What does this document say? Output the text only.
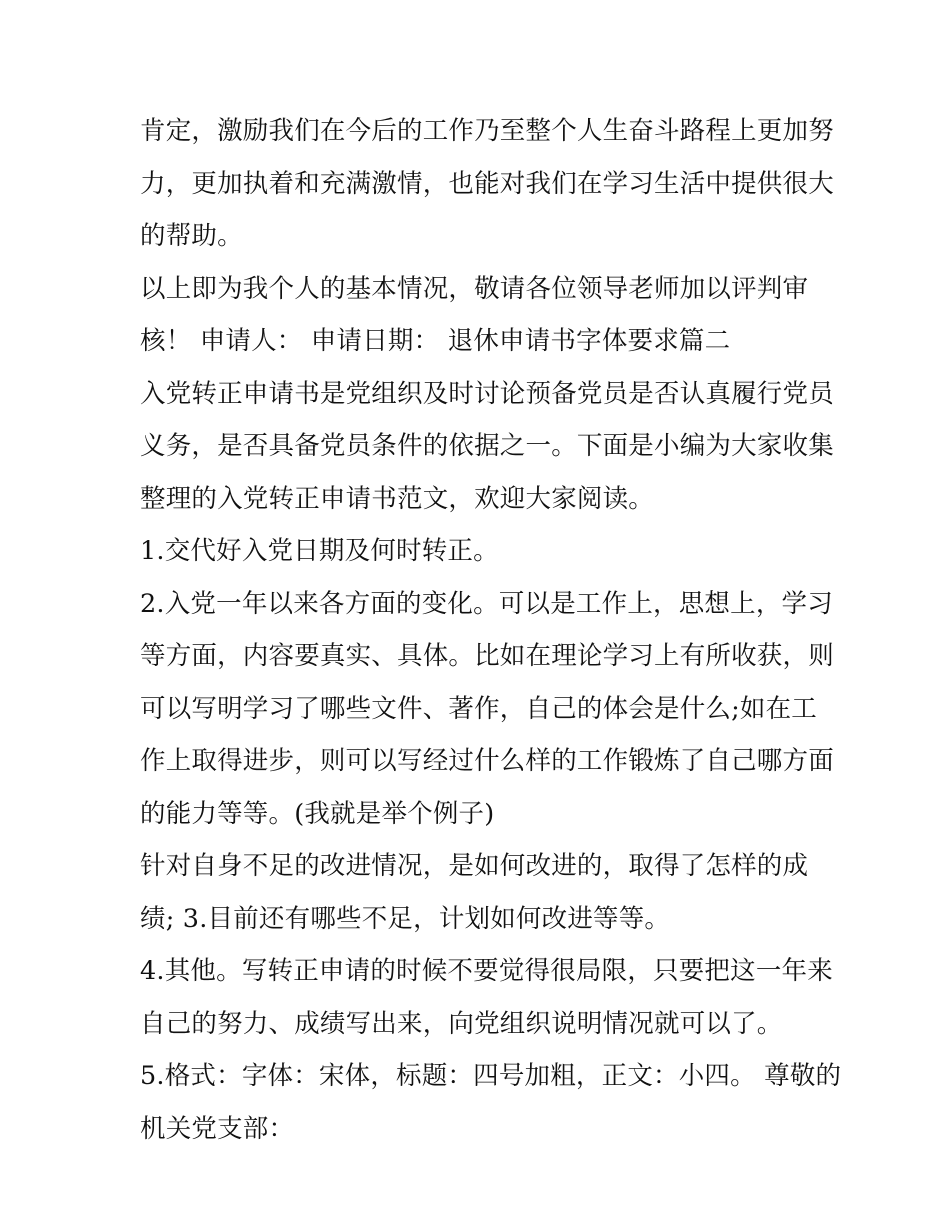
肯定，激励我们在今后的工作乃至整个人生奋斗路程上更加努
力，更加执着和充满激情，也能对我们在学习生活中提供很大
的帮助。
以上即为我个人的基本情况，敬请各位领导老师加以评判审
核！ 申请人： 申请日期： 退休申请书字体要求篇二
入党转正申请书是党组织及时讨论预备党员是否认真履行党员
义务，是否具备党员条件的依据之一。下面是小编为大家收集
整理的入党转正申请书范文，欢迎大家阅读。
1.交代好入党日期及何时转正。
2.入党一年以来各方面的变化。可以是工作上，思想上，学习
等方面，内容要真实、具体。比如在理论学习上有所收获，则
可以写明学习了哪些文件、著作，自己的体会是什么;如在工
作上取得进步，则可以写经过什么样的工作锻炼了自己哪方面
的能力等等。(我就是举个例子)
针对自身不足的改进情况，是如何改进的，取得了怎样的成
绩; 3.目前还有哪些不足，计划如何改进等等。
4.其他。写转正申请的时候不要觉得很局限，只要把这一年来
自己的努力、成绩写出来，向党组织说明情况就可以了。
5.格式：字体：宋体，标题：四号加粗，正文：小四。 尊敬的
机关党支部：
